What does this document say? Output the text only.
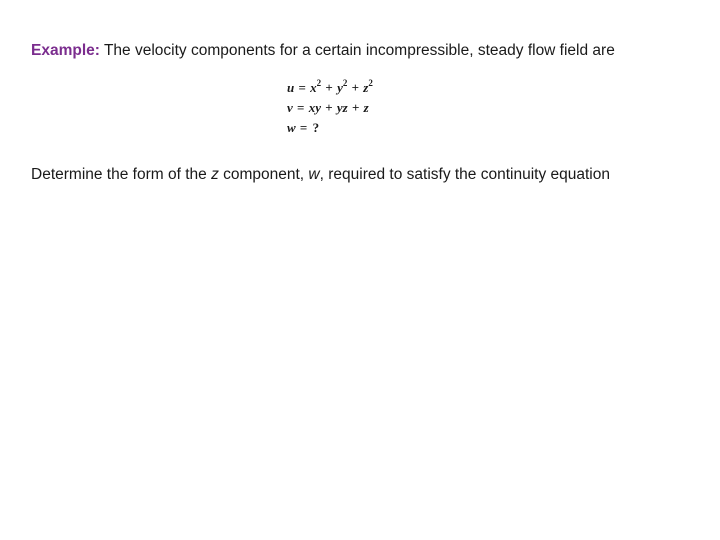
Example: The velocity components for a certain incompressible, steady flow field are
$u = x^2 + y^2 + z^2$
v = xy + yz + z
w = ?
Determine the form of the z component, w, required to satisfy the continuity equation
